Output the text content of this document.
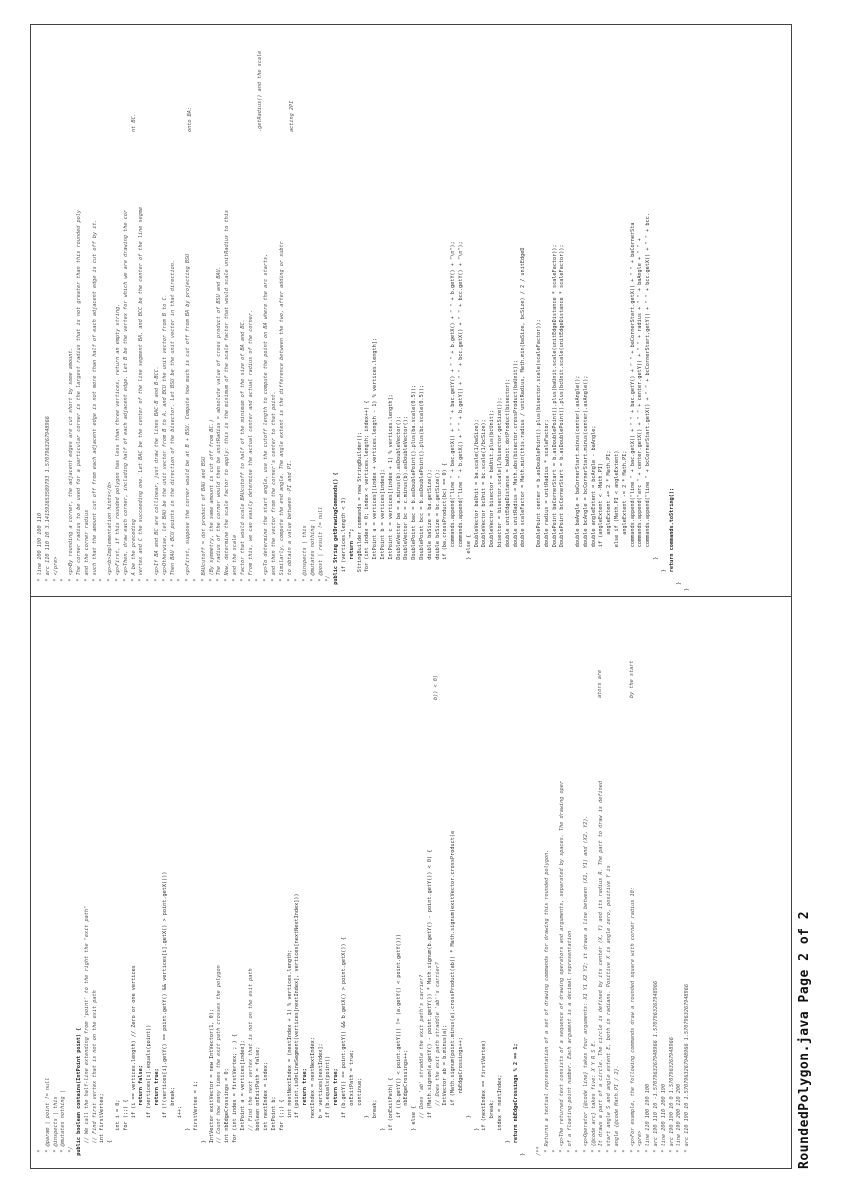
RoundedPolygon.java Page 2 of 2
* * @param | point != null * @inspects | this * @mutates nothing | */ public boolean contains(IntPoint point) { // We call the half-line extending from 'point' to the right the "exit path" // Find first vertex that is not on the exit path int firstVertex; { int i = 0; for (;;) { if (i == vertices.length) // Zero or one vertices return false; if (vertices[i].equals(point)) return true; if (!(vertices[i].getY() == point.getY() && vertices[i].getX() > point.getX())) break; i++; } firstVertex = i; } IntVector exitVector = new IntVector(1, 0); // Count how many times the exit path crosses the polygon int nbEdgeCrossings = 0; for (int index = firstVertex; ; ) { IntPoint a = vertices[index]; // Find the next vertex that is not on the exit path boolean onExitPath = false; int nextIndex = index; IntPoint b; for (;;) { int nextNextIndex = (nextIndex + 1) % vertices.length; if (point.isOnLineSegment(vertices[nextIndex], vertices[nextNextIndex])) return true; nextIndex = nextNextIndex; b = vertices[nextIndex]; if (b.equals(point)) return true; if (b.getY() == point.getY() && b.getX() > point.getX()) { onExitPath = true; continue; } break; } if (onExitPath) { if ((b.getY() < point.getY()) != (a.getY() < point.getY())) nbEdgeCrossings++; } else { // Does 'ab' straddle the exit path's carrier? if (Math.signum(a.getY() - point.getY()) * Math.signum(b.getY() - point.getY()) < 0) { // Does the exit path straddle 'ab''s carrier? IntVector ab = b.minus(a); if (Math.signum(point.minus(a).crossProduct(ab)) * Math.signum(exitVector.crossProduct(a nbEdgeCrossings++; } } if (nextIndex == firstVertex) break; index = nextIndex; } return nbEdgeCrossings % 2 == 1; }	/** * Returns a textual representation of a set of drawing commands for drawing this rounded polygon. * * <p>The returned text consists of a sequence of drawing operators and arguments, separated by spaces. The drawing oper * of a floating-point number. Each argument is a decimal representation * * <p>Operator {@code line} takes four arguments: X1 Y1 X2 Y2; it draws a line between (X1, Y1) and (X2, Y2). * {@code arc} takes five: X Y R S E. * It draws a part of a circle. The circle is defined by its center (X, Y) and its radius R. The part to draw is defined * start angle S and angle extent E, both in radians. Positive X is angle zero, positive Y is * angle {@code Math.PI / 2}. * * <p>For example, the following commands draw a rounded square with corner radius 10: * <pre> * line 110 100 190 100 * arc 190 110 10 -1.5707963267948966 1.5707963267948966 * line 200 110 200 190 * arc 190 190 10 0 1.5707963267948966 * line 190 200 110 200 * arc 110 190 10 1.5707963267948966 1.5707963267948966
* line 100 190 100 110 * arc 110 110 10 3.141592653589793 1.5707963267948966 * </pre> * * <p>By rounding a corner, the adjacent edges are cut short by some amount. * The corner radius to be used for a particular corner is the largest radius that is not greater than this rounded poly * and the corner radius * such that the amount cut off from each adjacent edge is not more than half of each adjacent edge is cut off by it. * * <p><b>Implementation hints</b> * <p>First, if this rounded polygon has less than three vertices, return an empty string. * <p>Then, draw each corner, including half of each adjacent edge. Let B be the vertex for which we are drawing the cor * A be the preceding * vertex and C the succeeding one. Let BAC be the center of the line segment BA, and BCC be the center of the line segme * * <p>If BA and BC are collinear, just draw the lines BAC-B and B-BCC. * <p>Otherwise, let BAU be the unit vector from B to A, and BCU the unit vector from B to C. * Then BAU + BCU points in the direction of the bisector. Let BSU be the unit vector in that direction. * * <p>First, suppose the corner would be at B + BSU. Compute how much is cut off from BA by projecting BSU * * BAUcutoff = dot product of BAU and BSU * (By symmetry, the same amount is cut off from BC.) * The radius of the corner would then be unitRadius = absolute value of cross product of BSU and BAU. * Now, determine the scale factor to apply: this is the minimum of the scale factor that would scale unitRadius to this * and the scale * factor that would scale BAUcutoff to half of the minimum of the size of BA and BC. * From this, we can easily determine the actual center and actual radius of the corner. * * <p>To determine the start angle, use the cutoff length to compute the point on BA where the arc starts, * and then the vector from the corner's center to that point. * Similarly, compute the end angle. The angle extent is the difference between the two, after adding or subtr * to obtain a value between -PI and PI. * * @inspects | this * @mutates nothing | * @post | result != null */ public String getDrawingCommands() { if (vertices.length < 3) return ""; StringBuilder commands = new StringBuilder(); for (int index = 0; index < vertices.length; index++) { IntPoint a = vertices[(index + vertices.length - 1) % vertices.length]; IntPoint b = vertices[index]; IntPoint c = vertices[(index + 1) % vertices.length]; DoubleVector ba = a.minus(b).asDoubleVector(); DoubleVector bc = c.minus(b).asDoubleVector(); DoublePoint bac = b.asDoublePoint().plus(ba.scale(0.5)); DoublePoint bcc = b.asDoublePoint().plus(bc.scale(0.5)); double baSize = ba.getSize(); double bcSize = bc.getSize(); if (ba.crossProduct(bc) == 0) { commands.append("line " + bac.getX() + " " + bac.getY() + " " + b.getX() + " " + b.getY() + "\n"); commands.append("line " + b.getX() + " " + b.getY() + " " + bcc.getX() + " " + bcc.getY() + "\n"); } else { DoubleVector baUnit = ba.scale(1/baSize); DoubleVector bcUnit = bc.scale(1/bcSize); DoubleVector bisector = baUnit.plus(bcUnit); bisector = bisector.scale(1/bisector.getSize()); double unitEdgeDistance = baUnit.dotProduct(bisector); double unitRadius = Math.abs(bisector.crossProduct(baUnit)); double scaleFactor = Math.min(this.radius / unitRadius, Math.min(baSize, bcSize) / 2 / unitEdgeD	DoublePoint center = b.asDoublePoint().plus(bisector.scale(scaleFactor)); double radius = unitRadius * scaleFactor; DoublePoint baCornerStart = b.asDoublePoint().plus(baUnit.scale(unitEdgeDistance * scaleFactor)); DoublePoint bcCornerStart = b.asDoublePoint().plus(bcUnit.scale(unitEdgeDistance * scaleFactor));	double baAngle = baCornerStart.minus(center).asAngle(); double bcAngle = bcCornerStart.minus(center).asAngle(); double angleExtent = bcAngle - baAngle; if (angleExtent < -Math.PI) angleExtent += 2 * Math.PI; else if (Math.PI < angleExtent) angleExtent -= 2 * Math.PI; commands.append("line " + bac.getX() + " " + bac.getY() + " " + baCornerStart.getX() + " " + baCornerSta commands.append("arc " + center.getX() + " " + center.getY() + " " + radius + " " + baAngle + " " + commands.append("line " + bcCornerStart.getX() + " " + bcCornerStart.getY() + " " + bcc.getX() + " " + bcc. } } return commands.toString(); } }
b)) < 0)	ators are	by the start
nt BC.	onto BA:	.getRadius() and the scale	acting 2PI
